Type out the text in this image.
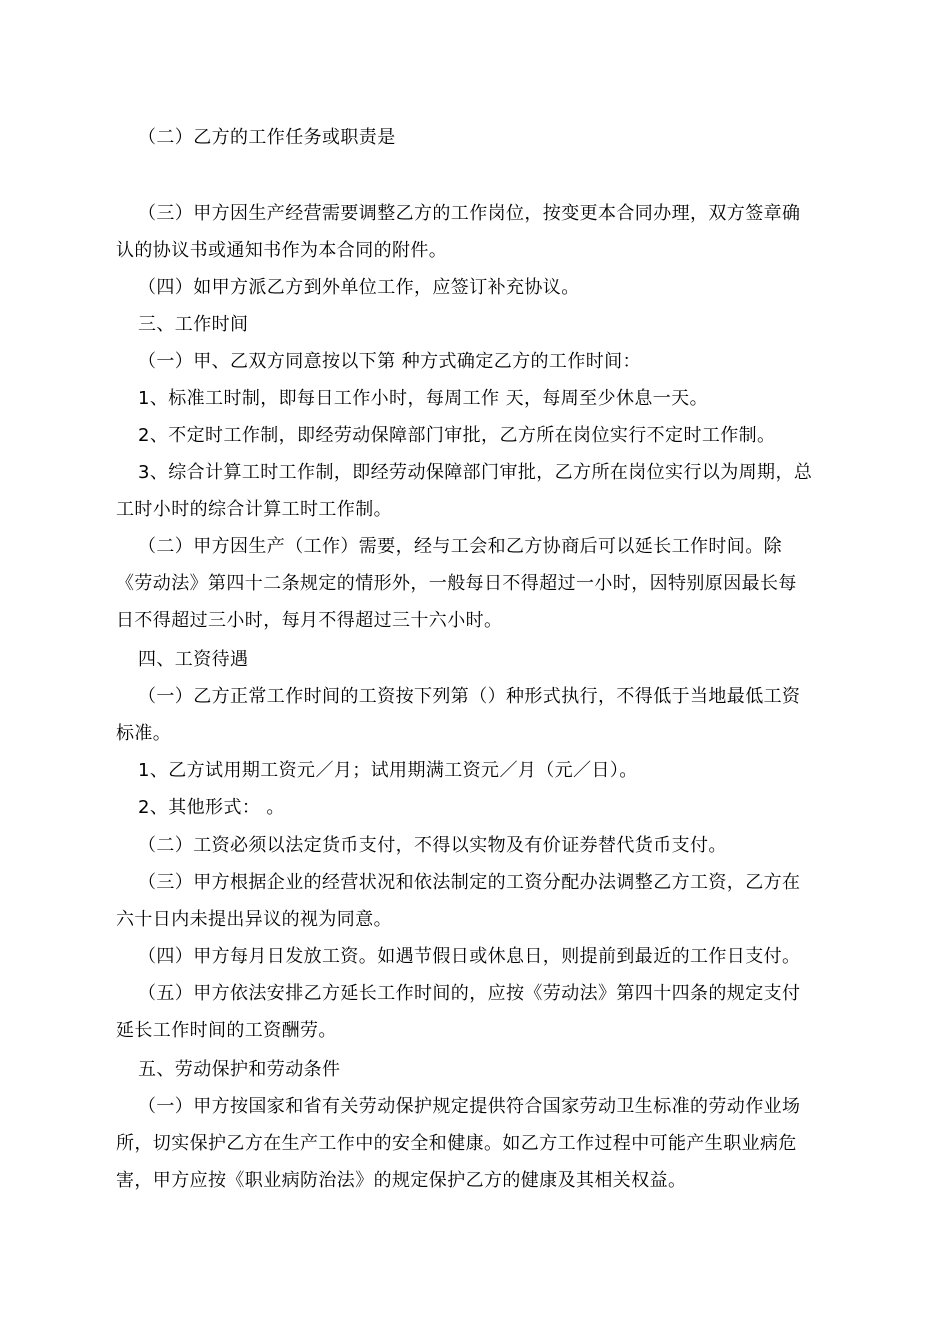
（二）乙方的工作任务或职责是
（三）甲方因生产经营需要调整乙方的工作岗位，按变更本合同办理，双方签章确
认的协议书或通知书作为本合同的附件。
（四）如甲方派乙方到外单位工作，应签订补充协议。
三、工作时间
（一）甲、乙双方同意按以下第 种方式确定乙方的工作时间：
1、标准工时制，即每日工作小时，每周工作 天，每周至少休息一天。
2、不定时工作制，即经劳动保障部门审批，乙方所在岗位实行不定时工作制。
3、综合计算工时工作制，即经劳动保障部门审批，乙方所在岗位实行以为周期，总
工时小时的综合计算工时工作制。
（二）甲方因生产（工作）需要，经与工会和乙方协商后可以延长工作时间。除
《劳动法》第四十二条规定的情形外，一般每日不得超过一小时，因特别原因最长每
日不得超过三小时，每月不得超过三十六小时。
四、工资待遇
（一）乙方正常工作时间的工资按下列第（）种形式执行，不得低于当地最低工资
标准。
1、乙方试用期工资元／月；试用期满工资元／月（元／日）。
2、其他形式： 。
（二）工资必须以法定货币支付，不得以实物及有价证券替代货币支付。
（三）甲方根据企业的经营状况和依法制定的工资分配办法调整乙方工资，乙方在
六十日内未提出异议的视为同意。
（四）甲方每月日发放工资。如遇节假日或休息日，则提前到最近的工作日支付。
（五）甲方依法安排乙方延长工作时间的，应按《劳动法》第四十四条的规定支付
延长工作时间的工资酬劳。
五、劳动保护和劳动条件
（一）甲方按国家和省有关劳动保护规定提供符合国家劳动卫生标准的劳动作业场
所，切实保护乙方在生产工作中的安全和健康。如乙方工作过程中可能产生职业病危
害，甲方应按《职业病防治法》的规定保护乙方的健康及其相关权益。
